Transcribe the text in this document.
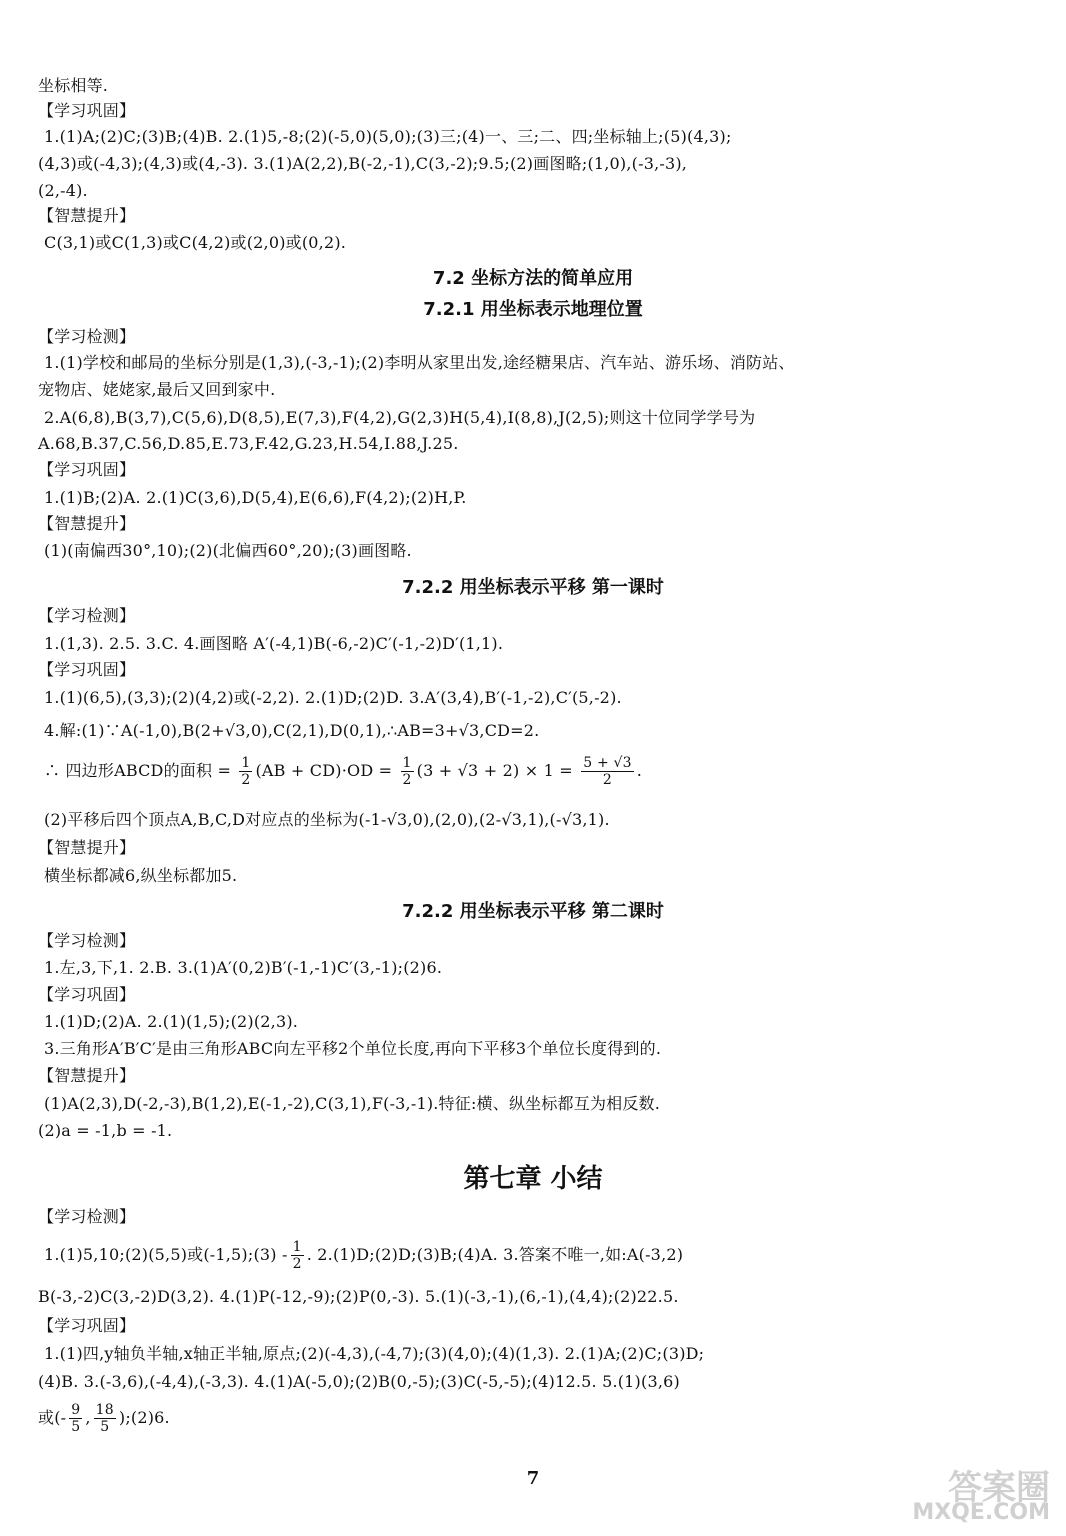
坐标相等.
【学习巩固】
1.(1)A;(2)C;(3)B;(4)B. 2.(1)5,-8;(2)(-5,0)(5,0);(3)三;(4)一、三;二、四;坐标轴上;(5)(4,3);
(4,3)或(-4,3);(4,3)或(4,-3). 3.(1)A(2,2),B(-2,-1),C(3,-2);9.5;(2)画图略;(1,0),(-3,-3),
(2,-4).
【智慧提升】
C(3,1)或C(1,3)或C(4,2)或(2,0)或(0,2).
7.2 坐标方法的简单应用
7.2.1 用坐标表示地理位置
【学习检测】
1.(1)学校和邮局的坐标分别是(1,3),(-3,-1);(2)李明从家里出发,途经糖果店、汽车站、游乐场、消防站、
宠物店、姥姥家,最后又回到家中.
2.A(6,8),B(3,7),C(5,6),D(8,5),E(7,3),F(4,2),G(2,3)H(5,4),I(8,8),J(2,5);则这十位同学学号为
A.68,B.37,C.56,D.85,E.73,F.42,G.23,H.54,I.88,J.25.
【学习巩固】
1.(1)B;(2)A. 2.(1)C(3,6),D(5,4),E(6,6),F(4,2);(2)H,P.
【智慧提升】
(1)(南偏西30°,10);(2)(北偏西60°,20);(3)画图略.
7.2.2 用坐标表示平移 第一课时
【学习检测】
1.(1,3). 2.5. 3.C. 4.画图略 A′(-4,1)B(-6,-2)C′(-1,-2)D′(1,1).
【学习巩固】
1.(1)(6,5),(3,3);(2)(4,2)或(-2,2). 2.(1)D;(2)D. 3.A′(3,4),B′(-1,-2),C′(5,-2).
4.解:(1)∵A(-1,0),B(2+√3,0),C(2,1),D(0,1),∴AB=3+√3,CD=2.
∴ 四边形ABCD的面积 = $\frac{1}{2} (AB + CD)\cdot OD = \frac{1}{2} (3 + √3 + 2) \times 1 = \frac{5 + √3}{2}$ .
(2)平移后四个顶点A,B,C,D对应点的坐标为(-1-√3,0),(2,0),(2-√3,1),(-√3,1).
【智慧提升】
横坐标都减6,纵坐标都加5.
7.2.2 用坐标表示平移 第二课时
【学习检测】
1.左,3,下,1. 2.B. 3.(1)A′(0,2)B′(-1,-1)C′(3,-1);(2)6.
【学习巩固】
1.(1)D;(2)A. 2.(1)(1,5);(2)(2,3).
3.三角形A′B′C′是由三角形ABC向左平移2个单位长度,再向下平移3个单位长度得到的.
【智慧提升】
(1)A(2,3),D(-2,-3),B(1,2),E(-1,-2),C(3,1),F(-3,-1).特征:横、纵坐标都互为相反数.
(2)a = -1,b = -1.
第七章 小结
【学习检测】
1.(1)5,10;(2)(5,5)或(-1,5);(3) - $\frac{1}{2}$ . 2.(1)D;(2)D;(3)B;(4)A. 3.答案不唯一,如:A(-3,2)
B(-3,-2)C(3,-2)D(3,2). 4.(1)P(-12,-9);(2)P(0,-3). 5.(1)(-3,-1),(6,-1),(4,4);(2)22.5.
【学习巩固】
1.(1)四,y轴负半轴,x轴正半轴,原点;(2)(-4,3),(-4,7);(3)(4,0);(4)(1,3). 2.(1)A;(2)C;(3)D;
(4)B. 3.(-3,6),(-4,4),(-3,3). 4.(1)A(-5,0);(2)B(0,-5);(3)C(-5,-5);(4)12.5. 5.(1)(3,6)
或(- $\frac{9}{5}$ , $\frac{18}{5}$ );(2)6.
7	答案圈
MXQE.COM
